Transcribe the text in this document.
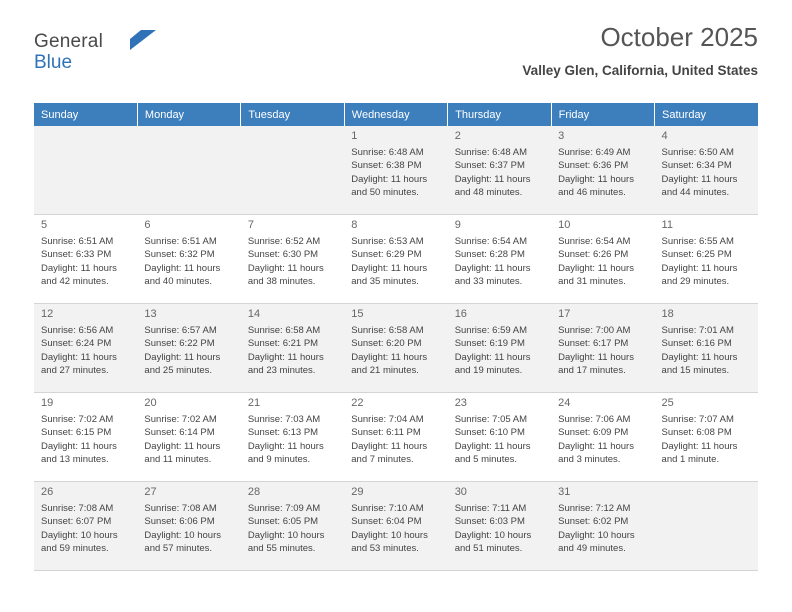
General
Blue
October 2025
Valley Glen, California, United States
Sunday	Monday	Tuesday	Wednesday	Thursday	Friday	Saturday

			1
Sunrise: 6:48 AM
Sunset: 6:38 PM
Daylight: 11 hours
and 50 minutes.	2
Sunrise: 6:48 AM
Sunset: 6:37 PM
Daylight: 11 hours
and 48 minutes.	3
Sunrise: 6:49 AM
Sunset: 6:36 PM
Daylight: 11 hours
and 46 minutes.	4
Sunrise: 6:50 AM
Sunset: 6:34 PM
Daylight: 11 hours
and 44 minutes.

5
Sunrise: 6:51 AM
Sunset: 6:33 PM
Daylight: 11 hours
and 42 minutes.	6
Sunrise: 6:51 AM
Sunset: 6:32 PM
Daylight: 11 hours
and 40 minutes.	7
Sunrise: 6:52 AM
Sunset: 6:30 PM
Daylight: 11 hours
and 38 minutes.	8
Sunrise: 6:53 AM
Sunset: 6:29 PM
Daylight: 11 hours
and 35 minutes.	9
Sunrise: 6:54 AM
Sunset: 6:28 PM
Daylight: 11 hours
and 33 minutes.	10
Sunrise: 6:54 AM
Sunset: 6:26 PM
Daylight: 11 hours
and 31 minutes.	11
Sunrise: 6:55 AM
Sunset: 6:25 PM
Daylight: 11 hours
and 29 minutes.

12
Sunrise: 6:56 AM
Sunset: 6:24 PM
Daylight: 11 hours
and 27 minutes.	13
Sunrise: 6:57 AM
Sunset: 6:22 PM
Daylight: 11 hours
and 25 minutes.	14
Sunrise: 6:58 AM
Sunset: 6:21 PM
Daylight: 11 hours
and 23 minutes.	15
Sunrise: 6:58 AM
Sunset: 6:20 PM
Daylight: 11 hours
and 21 minutes.	16
Sunrise: 6:59 AM
Sunset: 6:19 PM
Daylight: 11 hours
and 19 minutes.	17
Sunrise: 7:00 AM
Sunset: 6:17 PM
Daylight: 11 hours
and 17 minutes.	18
Sunrise: 7:01 AM
Sunset: 6:16 PM
Daylight: 11 hours
and 15 minutes.

19
Sunrise: 7:02 AM
Sunset: 6:15 PM
Daylight: 11 hours
and 13 minutes.	20
Sunrise: 7:02 AM
Sunset: 6:14 PM
Daylight: 11 hours
and 11 minutes.	21
Sunrise: 7:03 AM
Sunset: 6:13 PM
Daylight: 11 hours
and 9 minutes.	22
Sunrise: 7:04 AM
Sunset: 6:11 PM
Daylight: 11 hours
and 7 minutes.	23
Sunrise: 7:05 AM
Sunset: 6:10 PM
Daylight: 11 hours
and 5 minutes.	24
Sunrise: 7:06 AM
Sunset: 6:09 PM
Daylight: 11 hours
and 3 minutes.	25
Sunrise: 7:07 AM
Sunset: 6:08 PM
Daylight: 11 hours
and 1 minute.

26
Sunrise: 7:08 AM
Sunset: 6:07 PM
Daylight: 10 hours
and 59 minutes.	27
Sunrise: 7:08 AM
Sunset: 6:06 PM
Daylight: 10 hours
and 57 minutes.	28
Sunrise: 7:09 AM
Sunset: 6:05 PM
Daylight: 10 hours
and 55 minutes.	29
Sunrise: 7:10 AM
Sunset: 6:04 PM
Daylight: 10 hours
and 53 minutes.	30
Sunrise: 7:11 AM
Sunset: 6:03 PM
Daylight: 10 hours
and 51 minutes.	31
Sunrise: 7:12 AM
Sunset: 6:02 PM
Daylight: 10 hours
and 49 minutes.	
